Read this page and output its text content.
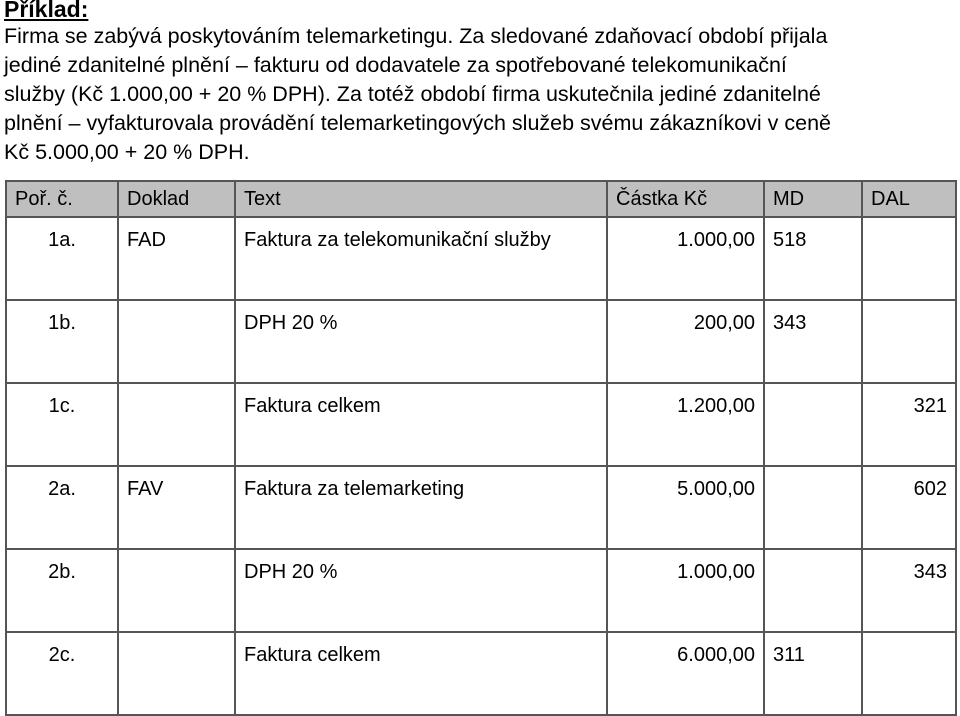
Příklad:
Firma se zabývá poskytováním telemarketingu. Za sledované zdaňovací období přijala
jediné zdanitelné plnění – fakturu od dodavatele za spotřebované telekomunikační
služby (Kč 1.000,00 + 20 % DPH). Za totéž období firma uskutečnila jediné zdanitelné
plnění – vyfakturovala provádění telemarketingových služeb svému zákazníkovi v ceně
Kč 5.000,00 + 20 % DPH.
Poř. č.	Doklad	Text	Částka Kč	MD	DAL
1a.	FAD	Faktura za telekomunikační služby	1.000,00	518	
1b.		DPH 20 %	200,00	343	
1c.		Faktura celkem	1.200,00		321
2a.	FAV	Faktura za telemarketing	5.000,00		602
2b.		DPH 20 %	1.000,00		343
2c.		Faktura celkem	6.000,00	311	
